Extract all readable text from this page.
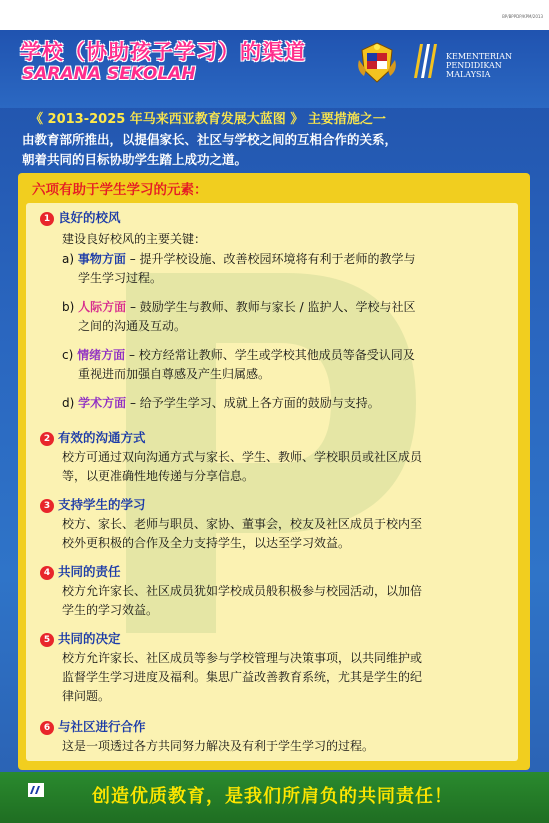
BP/BPPDP/KPM/2013
学校（协助孩子学习）的渠道
SARANA SEKOLAH
KEMENTERIAN PENDIDIKAN MALAYSIA
《 2013-2025 年马来西亚教育发展大蓝图 》 主要措施之一
由教育部所推出，以提倡家长、社区与学校之间的互相合作的关系，
朝着共同的目标协助学生踏上成功之道。
六项有助于学生学习的元素：
1 良好的校风
建设良好校风的主要关键：
a) 事物方面 – 提升学校设施、改善校园环境将有利于老师的教学与
学生学习过程。
b) 人际方面 – 鼓励学生与教师、教师与家长 / 监护人、学校与社区
之间的沟通及互动。
c) 情绪方面 – 校方经常让教师、学生或学校其他成员等备受认同及
重视进而加强自尊感及产生归属感。
d) 学术方面 – 给予学生学习、成就上各方面的鼓励与支持。
2 有效的沟通方式
校方可通过双向沟通方式与家长、学生、教师、学校职员或社区成员
等，以更准确性地传递与分享信息。
3 支持学生的学习
校方、家长、老师与职员、家协、董事会，校友及社区成员于校内至
校外更积极的合作及全力支持学生，以达至学习效益。
4 共同的责任
校方允许家长、社区成员犹如学校成员般积极参与校园活动，以加倍
学生的学习效益。
5 共同的决定
校方允许家长、社区成员等参与学校管理与决策事项，以共同维护或
监督学生学习进度及福利。集思广益改善教育系统，尤其是学生的纪
律问题。
6 与社区进行合作
这是一项透过各方共同努力解决及有利于学生学习的过程。
创造优质教育，是我们所肩负的共同责任！
